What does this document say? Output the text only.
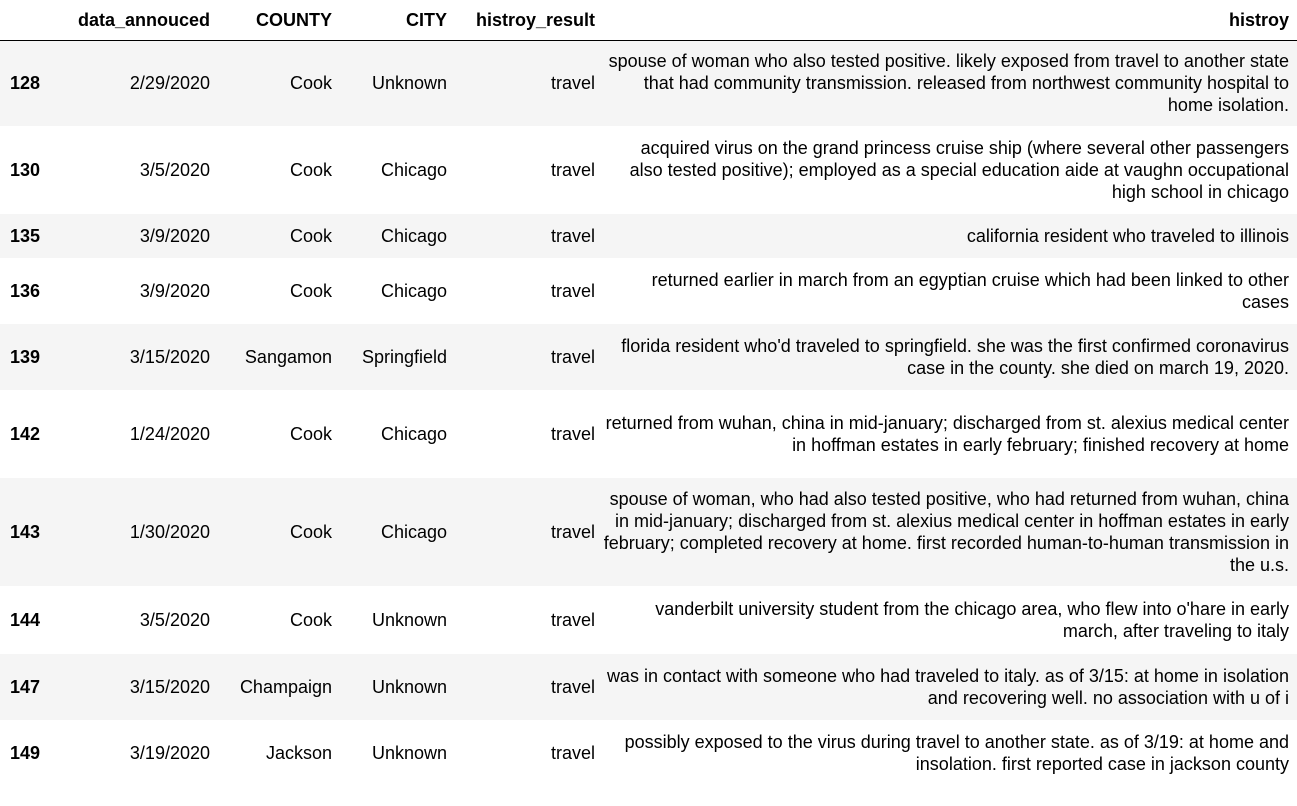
	data_annouced	COUNTY	CITY	histroy_result	histroy
128	2/29/2020	Cook	Unknown	travel	spouse of woman who also tested positive. likely exposed from travel to another state that had community transmission. released from northwest community hospital to home isolation.
130	3/5/2020	Cook	Chicago	travel	acquired virus on the grand princess cruise ship (where several other passengers also tested positive); employed as a special education aide at vaughn occupational high school in chicago
135	3/9/2020	Cook	Chicago	travel	california resident who traveled to illinois
136	3/9/2020	Cook	Chicago	travel	returned earlier in march from an egyptian cruise which had been linked to other cases
139	3/15/2020	Sangamon	Springfield	travel	florida resident who'd traveled to springfield. she was the first confirmed coronavirus case in the county. she died on march 19, 2020.
142	1/24/2020	Cook	Chicago	travel	returned from wuhan, china in mid-january; discharged from st. alexius medical center in hoffman estates in early february; finished recovery at home
143	1/30/2020	Cook	Chicago	travel	spouse of woman, who had also tested positive, who had returned from wuhan, china in mid-january; discharged from st. alexius medical center in hoffman estates in early february; completed recovery at home. first recorded human-to-human transmission in the u.s.
144	3/5/2020	Cook	Unknown	travel	vanderbilt university student from the chicago area, who flew into o'hare in early march, after traveling to italy
147	3/15/2020	Champaign	Unknown	travel	was in contact with someone who had traveled to italy. as of 3/15: at home in isolation and recovering well. no association with u of i
149	3/19/2020	Jackson	Unknown	travel	possibly exposed to the virus during travel to another state. as of 3/19: at home and insolation. first reported case in jackson county
